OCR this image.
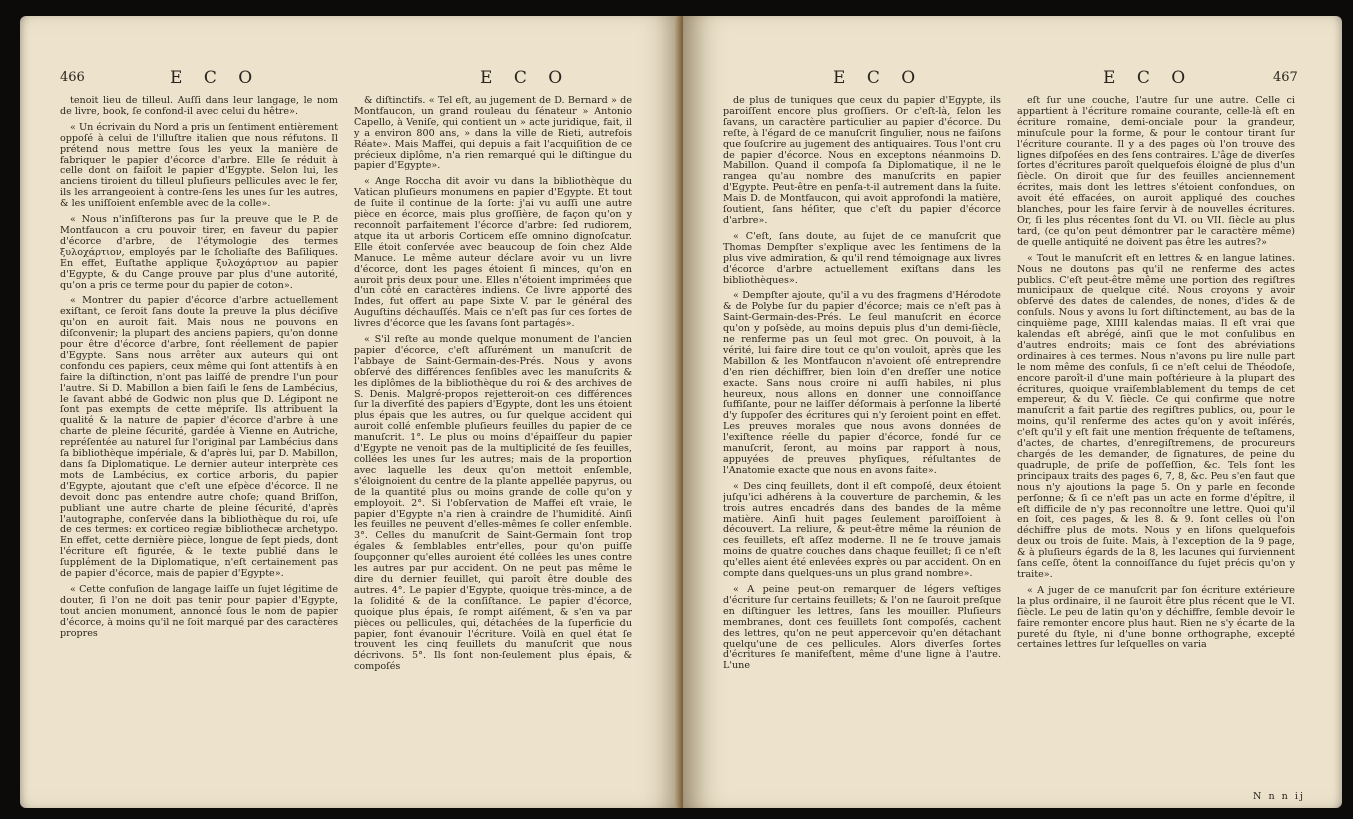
466	E C O	E C O

tenoit lieu de tilleul. Auſſi dans leur langage, le nom de livre, book, ſe confond-il avec celui du hêtre».

« Un écrivain du Nord a pris un ſentiment entièrement oppoſé à celui de l'illuſtre italien que nous réfutons. Il prétend nous mettre ſous les yeux la manière de fabriquer le papier d'écorce d'arbre. Elle ſe réduit à celle dont on faiſoit le papier d'Egypte. Selon lui, les anciens tiroient du tilleul pluſieurs pellicules avec le fer, ils les arrangeoient à contre-ſens les unes ſur les autres, & les uniſſoient enſemble avec de la colle».

« Nous n'inſiſterons pas ſur la preuve que le P. de Montfaucon a cru pouvoir tirer, en faveur du papier d'écorce d'arbre, de l'étymologie des termes ξυλοχάρτιον, employés par le ſcholiaſte des Baſiliques. En effet, Euſtathe applique ξυλοχάρτιον au papier d'Egypte, & du Cange prouve par plus d'une autorité, qu'on a pris ce terme pour du papier de coton».

« Montrer du papier d'écorce d'arbre actuellement exiſtant, ce ſeroit ſans doute la preuve la plus déciſive qu'on en auroit fait. Mais nous ne pouvons en diſconvenir; la plupart des anciens papiers, qu'on donne pour être d'écorce d'arbre, ſont réellement de papier d'Egypte. Sans nous arrêter aux auteurs qui ont confondu ces papiers, ceux même qui ſont attentifs à en faire la diſtinction, n'ont pas laiſſé de prendre l'un pour l'autre. Si D. Mabillon a bien ſaiſi le ſens de Lambécius, le ſavant abbé de Godwic non plus que D. Légipont ne ſont pas exempts de cette mépriſe. Ils attribuent la qualité & la nature de papier d'écorce d'arbre à une charte de pleine ſécurité, gardée à Vienne en Autriche, repréſentée au naturel ſur l'original par Lambécius dans ſa bibliothèque impériale, & d'après lui, par D. Mabillon, dans ſa Diplomatique. Le dernier auteur interprète ces mots de Lambécius, ex cortice arboris, du papier d'Egypte, ajoutant que c'eſt une eſpèce d'écorce. Il ne devoit donc pas entendre autre choſe; quand Briſſon, publiant une autre charte de pleine ſécurité, d'après l'autographe, conſervée dans la bibliothèque du roi, uſe de ces termes: ex corticeo regiæ bibliothecæ archetypo. En effet, cette dernière pièce, longue de ſept pieds, dont l'écriture eſt figurée, & le texte publié dans le ſupplément de la Diplomatique, n'eſt certainement pas de papier d'écorce, mais de papier d'Egypte».

« Cette confuſion de langage laiſſe un ſujet légitime de douter, ſi l'on ne doit pas tenir pour papier d'Egypte, tout ancien monument, annoncé ſous le nom de papier d'écorce, à moins qu'il ne ſoit marqué par des caractères propres

& diſtinctifs. « Tel eſt, au jugement de D. Bernard » de Montfaucon, un grand rouleau du ſénateur » Antonio Capello, à Veniſe, qui contient un » acte juridique, fait, il y a environ 800 ans, » dans la ville de Rieti, autrefois Réate». Mais Maffei, qui depuis a fait l'acquiſition de ce précieux diplôme, n'a rien remarqué qui le diſtingue du papier d'Egypte».

« Ange Roccha dit avoir vu dans la bibliothèque du Vatican pluſieurs monumens en papier d'Egypte. Et tout de ſuite il continue de la ſorte: j'ai vu auſſi une autre pièce en écorce, mais plus groſſière, de façon qu'on y reconnoît parfaitement l'écorce d'arbre: ſed rudiorem, atque ita ut arboris Corticem eſſe omnino dignoſcatur. Elle étoit conſervée avec beaucoup de ſoin chez Alde Manuce. Le même auteur déclare avoir vu un livre d'écorce, dont les pages étoient ſi minces, qu'on en auroit pris deux pour une. Elles n'étoient imprimées que d'un côté en caractères indiens. Ce livre apporté des Indes, fut offert au pape Sixte V. par le général des Auguſtins déchauſſés. Mais ce n'eſt pas ſur ces ſortes de livres d'écorce que les ſavans ſont partagés».

« S'il reſte au monde quelque monument de l'ancien papier d'écorce, c'eſt aſſurément un manuſcrit de l'abbaye de Saint-Germain-des-Prés. Nous y avons obſervé des différences ſenſibles avec les manuſcrits & les diplômes de la bibliothèque du roi & des archives de S. Denis. Malgré-propos rejetteroit-on ces différences ſur la diverſité des papiers d'Egypte, dont les uns étoient plus épais que les autres, ou ſur quelque accident qui auroit collé enſemble pluſieurs feuilles du papier de ce manuſcrit. 1°. Le plus ou moins d'épaiſſeur du papier d'Egypte ne venoit pas de la multiplicité de ſes feuilles, collées les unes ſur les autres; mais de la proportion avec laquelle les deux qu'on mettoit enſemble, s'éloignoient du centre de la plante appellée papyrus, ou de la quantité plus ou moins grande de colle qu'on y employoit. 2°. Si l'obſervation de Maffei eſt vraie, le papier d'Egypte n'a rien à craindre de l'humidité. Ainſi les feuilles ne peuvent d'elles-mêmes ſe coller enſemble. 3°. Celles du manuſcrit de Saint-Germain ſont trop égales & ſemblables entr'elles, pour qu'on puiſſe ſoupçonner qu'elles auroient été collées les unes contre les autres par pur accident. On ne peut pas même le dire du dernier feuillet, qui paroît être double des autres. 4°. Le papier d'Egypte, quoique très-mince, a de la ſolidité & de la conſiſtance. Le papier d'écorce, quoique plus épais, ſe rompt aiſément, & s'en va par pièces ou pellicules, qui, détachées de la ſuperficie du papier, font évanouir l'écriture. Voilà en quel état ſe trouvent les cinq feuillets du manuſcrit que nous décrivons. 5°. Ils ſont non-ſeulement plus épais, & compoſés

E C O	E C O	467

de plus de tuniques que ceux du papier d'Egypte, ils paroiſſent encore plus groſſiers. Or c'eſt-là, ſelon les ſavans, un caractère particulier au papier d'écorce. Du reſte, à l'égard de ce manuſcrit ſingulier, nous ne faiſons que ſouſcrire au jugement des antiquaires. Tous l'ont cru de papier d'écorce. Nous en exceptons néanmoins D. Mabillon. Quand il compoſa ſa Diplomatique, il ne le rangea qu'au nombre des manuſcrits en papier d'Egypte. Peut-être en penſa-t-il autrement dans la ſuite. Mais D. de Montfaucon, qui avoit approfondi la matière, ſoutient, ſans héſiter, que c'eſt du papier d'écorce d'arbre».

« C'eſt, ſans doute, au ſujet de ce manuſcrit que Thomas Dempſter s'explique avec les ſentimens de la plus vive admiration, & qu'il rend témoignage aux livres d'écorce d'arbre actuellement exiſtans dans les bibliothèques».

« Dempſter ajoute, qu'il a vu des fragmens d'Hérodote & de Polybe ſur du papier d'écorce; mais ce n'eſt pas à Saint-Germain-des-Prés. Le ſeul manuſcrit en écorce qu'on y poſsède, au moins depuis plus d'un demi-ſiècle, ne renferme pas un ſeul mot grec. On pouvoit, à la vérité, lui faire dire tout ce qu'on vouloit, après que les Mabillon & les Montfaucon n'avoient oſé entreprendre d'en rien déchiffrer, bien loin d'en dreſſer une notice exacte. Sans nous croire ni auſſi habiles, ni plus heureux, nous allons en donner une connoiſſance ſuffiſante, pour ne laiſſer déſormais à perſonne la liberté d'y ſuppoſer des écritures qui n'y ſeroient point en effet. Les preuves morales que nous avons données de l'exiſtence réelle du papier d'écorce, fondé ſur ce manuſcrit, ſeront, au moins par rapport à nous, appuyées de preuves phyſiques, réſultantes de l'Anatomie exacte que nous en avons faite».

« Des cinq feuillets, dont il eſt compoſé, deux étoient juſqu'ici adhérens à la couverture de parchemin, & les trois autres encadrés dans des bandes de la même matière. Ainſi huit pages ſeulement paroiſſoient à découvert. La reliure, & peut-être même la réunion de ces feuillets, eſt aſſez moderne. Il ne ſe trouve jamais moins de quatre couches dans chaque feuillet; ſi ce n'eſt qu'elles aient été enlevées exprès ou par accident. On en compte dans quelques-uns un plus grand nombre».

« A peine peut-on remarquer de légers veſtiges d'écriture ſur certains feuillets; & l'on ne ſauroit preſque en diſtinguer les lettres, ſans les mouiller. Pluſieurs membranes, dont ces feuillets ſont compoſés, cachent des lettres, qu'on ne peut appercevoir qu'en détachant quelqu'une de ces pellicules. Alors diverſes ſortes d'écritures ſe manifeſtent, même d'une ligne à l'autre. L'une

eſt ſur une couche, l'autre ſur une autre. Celle ci appartient à l'écriture romaine courante, celle-là eſt en écriture romaine, demi-onciale pour la grandeur, minuſcule pour la forme, & pour le contour tirant ſur l'écriture courante. Il y a des pages où l'on trouve des lignes diſpoſées en des ſens contraires. L'âge de diverſes ſortes d'écritures paroît quelquefois éloigné de plus d'un ſiècle. On diroit que ſur des feuilles anciennement écrites, mais dont les lettres s'étoient confondues, on avoit été effacées, on auroit appliqué des couches blanches, pour les faire ſervir à de nouvelles écritures. Or, ſi les plus récentes ſont du VI. ou VII. ſiècle au plus tard, (ce qu'on peut démontrer par le caractère même) de quelle antiquité ne doivent pas être les autres?»

« Tout le manuſcrit eſt en lettres & en langue latines. Nous ne doutons pas qu'il ne renferme des actes publics. C'eſt peut-être même une portion des regiſtres municipaux de quelque cité. Nous croyons y avoir obſervé des dates de calendes, de nones, d'ides & de conſuls. Nous y avons lu ſort diſtinctement, au bas de la cinquième page, XIIII kalendas maias. Il eſt vrai que kalendas eſt abrégé, ainſi que le mot conſulibus en d'autres endroits; mais ce ſont des abréviations ordinaires à ces termes. Nous n'avons pu lire nulle part le nom même des conſuls, ſi ce n'eſt celui de Théodoſe, encore paroît-il d'une main poſtérieure à la plupart des écritures, quoique vraiſemblablement du temps de cet empereur, & du V. ſiècle. Ce qui confirme que notre manuſcrit a fait partie des regiſtres publics, ou, pour le moins, qu'il renferme des actes qu'on y avoit inſérés, c'eſt qu'il y eſt fait une mention fréquente de teſtamens, d'actes, de chartes, d'enregiſtremens, de procureurs chargés de les demander, de ſignatures, de peine du quadruple, de priſe de poſſeſſion, &c. Tels ſont les principaux traits des pages 6, 7, 8, &c. Peu s'en faut que nous n'y ajoutions la page 5. On y parle en ſeconde perſonne; & ſi ce n'eſt pas un acte en forme d'épître, il eſt difficile de n'y pas reconnoître une lettre. Quoi qu'il en ſoit, ces pages, & les 8. & 9. ſont celles où l'on déchiffre plus de mots. Nous y en liſons quelquefois deux ou trois de ſuite. Mais, à l'exception de la 9 page, & à pluſieurs égards de la 8, les lacunes qui ſurviennent ſans ceſſe, ôtent la connoiſſance du ſujet précis qu'on y traite».

« A juger de ce manuſcrit par ſon écriture extérieure la plus ordinaire, il ne ſauroit être plus récent que le VI. ſiècle. Le peu de latin qu'on y déchiffre, ſemble devoir le faire remonter encore plus haut. Rien ne s'y écarte de la pureté du ſtyle, ni d'une bonne orthographe, excepté certaines lettres ſur leſquelles on varia

N n n ij
